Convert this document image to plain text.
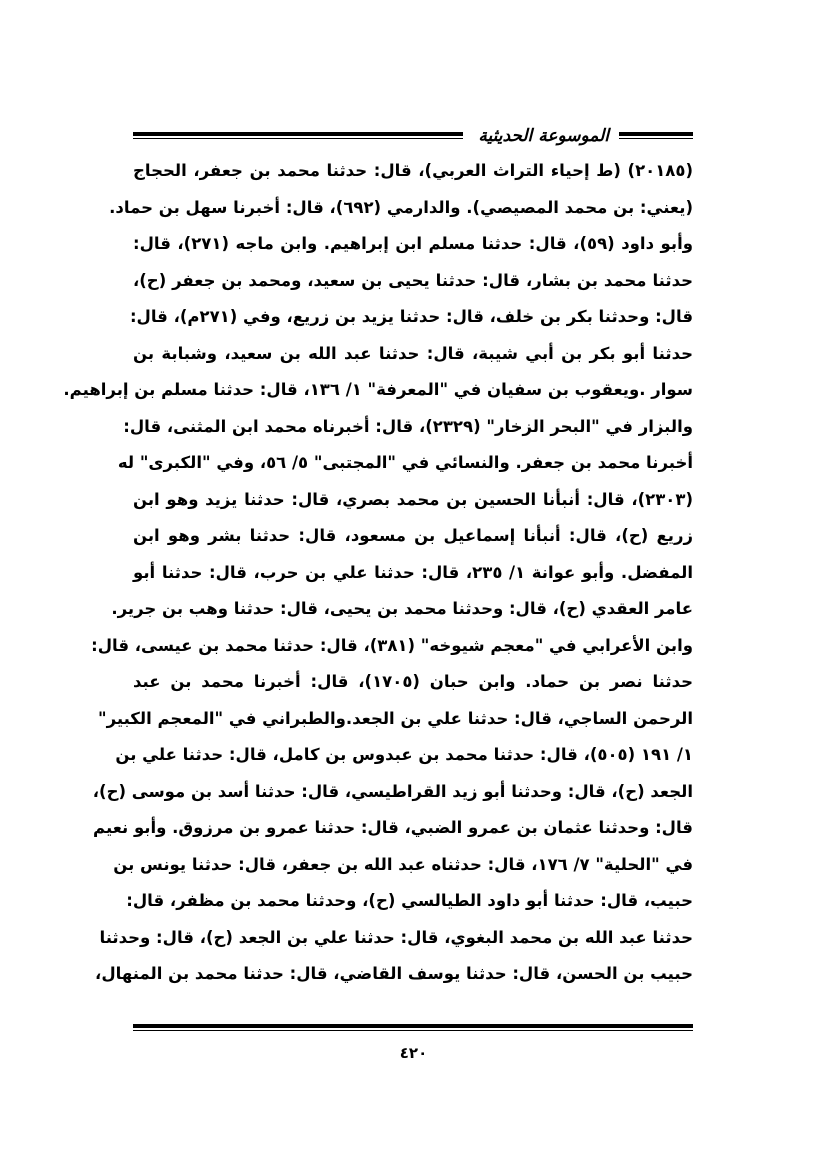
الموسوعة الحديثية
(٢٠١٨٥) (ط إحياء التراث العربي)، قال: حدثنا محمد بن جعفر، الحجاج
(يعني: بن محمد المصيصي). والدارمي (٦٩٢)، قال: أخبرنا سهل بن حماد.
وأبو داود (٥٩)، قال: حدثنا مسلم ابن إبراهيم. وابن ماجه (٢٧١)، قال:
حدثنا محمد بن بشار، قال: حدثنا يحيى بن سعيد، ومحمد بن جعفر (ح)،
قال: وحدثنا بكر بن خلف، قال: حدثنا يزيد بن زريع، وفي (٢٧١م)، قال:
حدثنا أبو بكر بن أبي شيبة، قال: حدثنا عبد الله بن سعيد، وشبابة بن
سوار .ويعقوب بن سفيان في "المعرفة" ١/ ١٣٦، قال: حدثنا مسلم بن إبراهيم.
والبزار في "البحر الزخار" (٢٣٢٩)، قال: أخبرناه محمد ابن المثنى، قال:
أخبرنا محمد بن جعفر. والنسائي في "المجتبى" ٥/ ٥٦، وفي "الكبرى" له
(٢٣٠٣)، قال: أنبأنا الحسين بن محمد بصري، قال: حدثنا يزيد وهو ابن
زريع (ح)، قال: أنبأنا إسماعيل بن مسعود، قال: حدثنا بشر وهو ابن
المفضل. وأبو عوانة ١/ ٢٣٥، قال: حدثنا علي بن حرب، قال: حدثنا أبو
عامر العقدي (ح)، قال: وحدثنا محمد بن يحيى، قال: حدثنا وهب بن جرير.
وابن الأعرابي في "معجم شيوخه" (٣٨١)، قال: حدثنا محمد بن عيسى، قال:
حدثنا نصر بن حماد. وابن حبان (١٧٠٥)، قال: أخبرنا محمد بن عبد
الرحمن الساجي، قال: حدثنا علي بن الجعد.والطبراني في "المعجم الكبير"
١/ ١٩١ (٥٠٥)، قال: حدثنا محمد بن عبدوس بن كامل، قال: حدثنا علي بن
الجعد (ح)، قال: وحدثنا أبو زيد القراطيسي، قال: حدثنا أسد بن موسى (ح)،
قال: وحدثنا عثمان بن عمرو الضبي، قال: حدثنا عمرو بن مرزوق. وأبو نعيم
في "الحلية" ٧/ ١٧٦، قال: حدثناه عبد الله بن جعفر، قال: حدثنا يونس بن
حبيب، قال: حدثنا أبو داود الطيالسي (ح)، وحدثنا محمد بن مظفر، قال:
حدثنا عبد الله بن محمد البغوي، قال: حدثنا علي بن الجعد (ح)، قال: وحدثنا
حبيب بن الحسن، قال: حدثنا يوسف القاضي، قال: حدثنا محمد بن المنهال،
٤٢٠
